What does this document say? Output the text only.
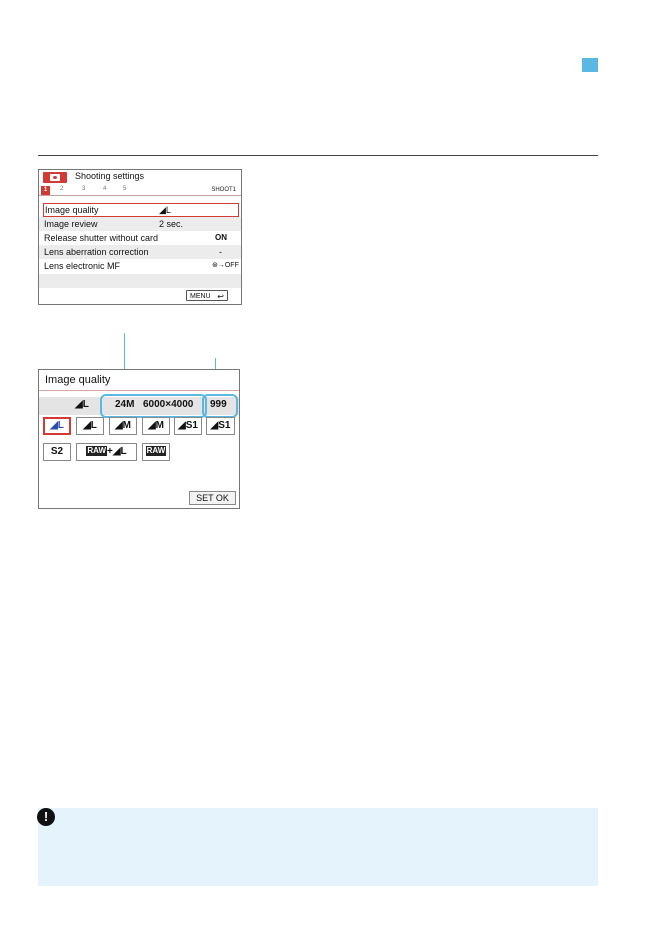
Shooting settings
1	2	3	4	5	SHOOT1
Image quality	◢L
Image review	2 sec.
Release shutter without card	ON
Lens aberration correction	-
Lens electronic MF	⊛→OFF
MENU ↩
Image quality
◢L	24M 6000×4000 999
◢L	◢L	◢M	◢M	◢S1	◢S1
S2	RAW+◢L	RAW
SET OK
!
